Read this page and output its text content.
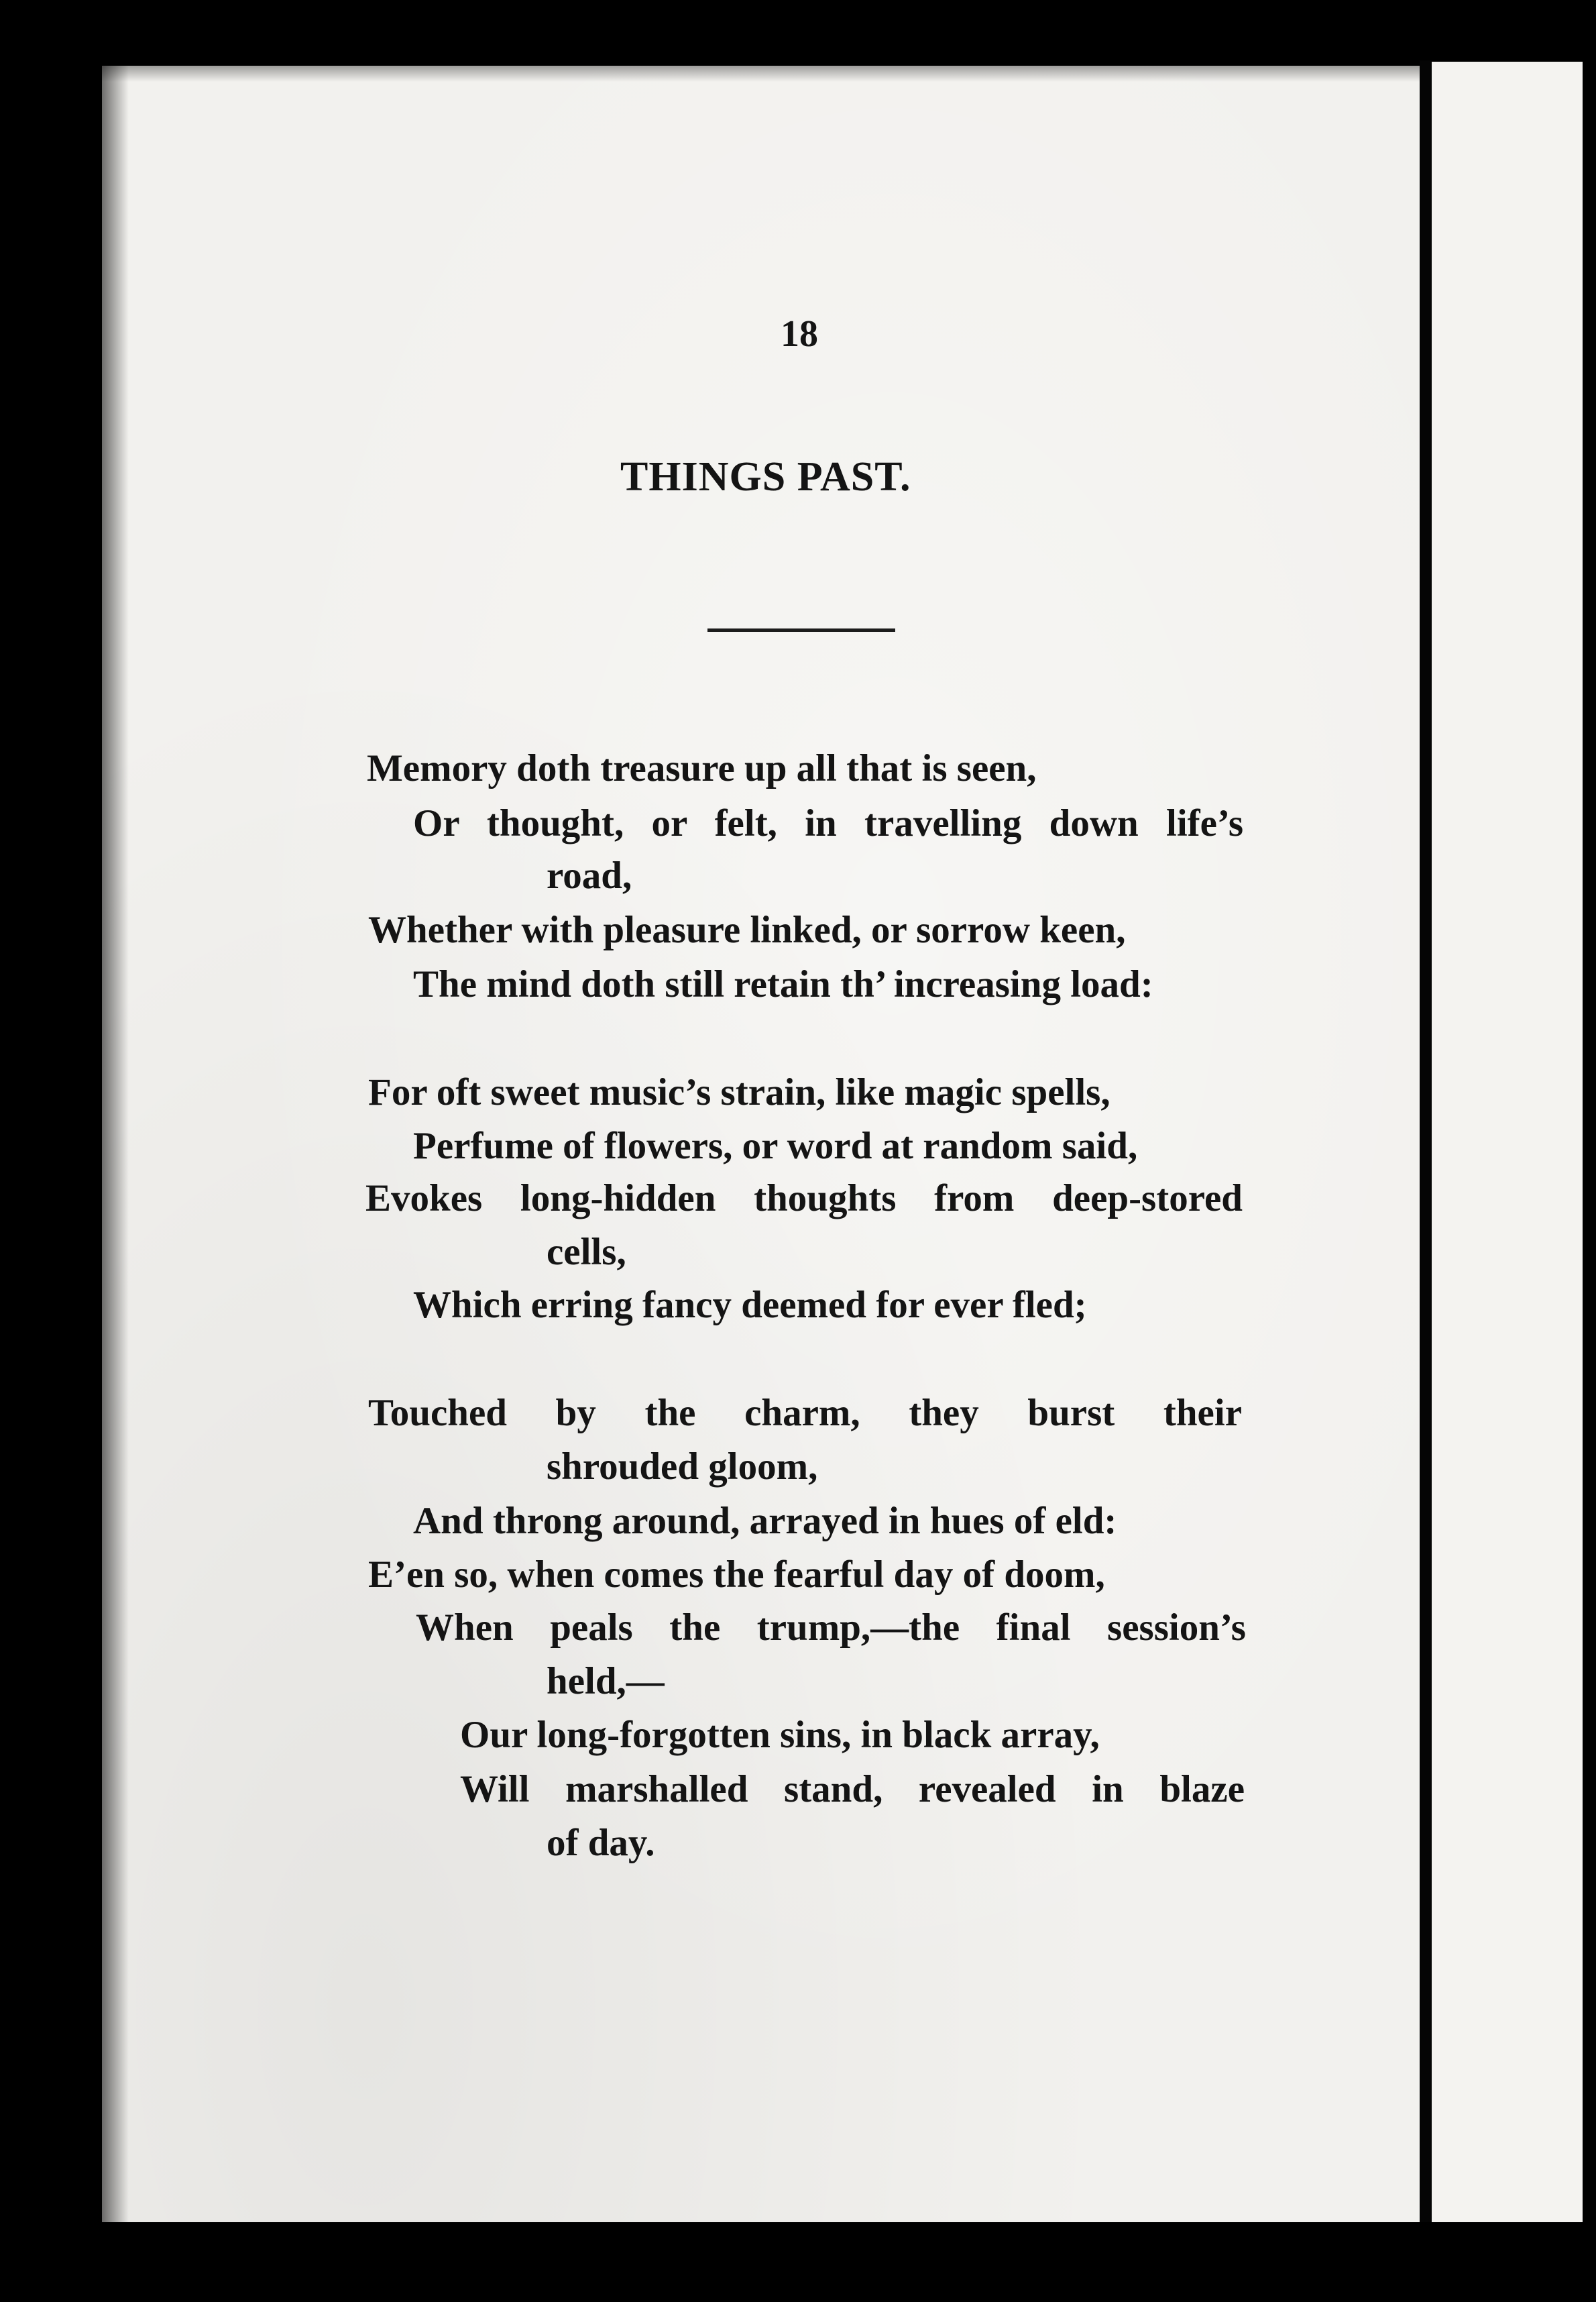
18
THINGS PAST.
Memory doth treasure up all that is seen,
Or thought, or felt, in travelling down life’s
road,
Whether with pleasure linked, or sorrow keen,
The mind doth still retain th’ increasing load:
For oft sweet music’s strain, like magic spells,
Perfume of flowers, or word at random said,
Evokes long-hidden thoughts from deep-stored
cells,
Which erring fancy deemed for ever fled;
Touched by the charm, they burst their
shrouded gloom,
And throng around, arrayed in hues of eld:
E’en so, when comes the fearful day of doom,
When peals the trump,—the final session’s
held,—
Our long-forgotten sins, in black array,
Will marshalled stand, revealed in blaze
of day.
